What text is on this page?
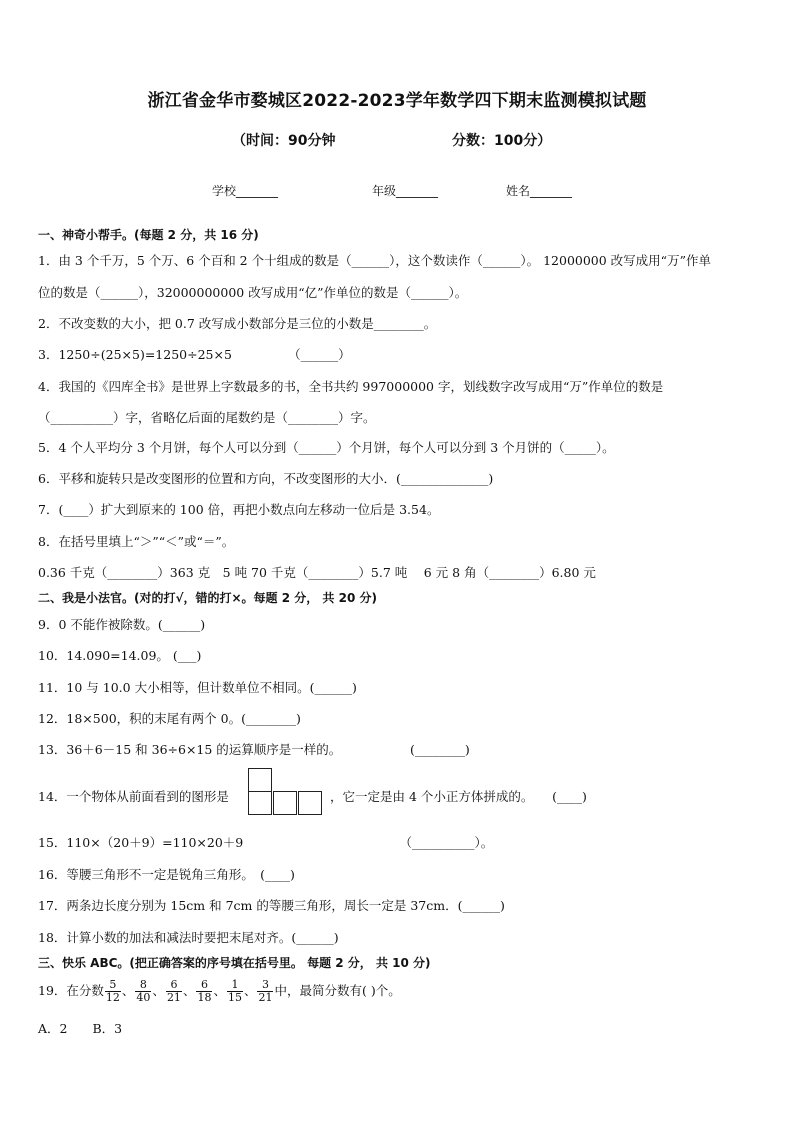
浙江省金华市婺城区2022-2023学年数学四下期末监测模拟试题
（时间：90分钟	分数：100分）
学校_______	年级_______	姓名_______
一、神奇小帮手。(每题 2 分，共 16 分)
1．由 3 个千万，5 个万、6 个百和 2 个十组成的数是（______），这个数读作（______）。 12000000 改写成用“万”作单
位的数是（______），32000000000 改写成用“亿”作单位的数是（______）。
2．不改变数的大小，把 0.7 改写成小数部分是三位的小数是________。
3．1250÷(25×5)=1250÷25×5　　　　　（______）
4．我国的《四库全书》是世界上字数最多的书，全书共约 997000000 字，划线数字改写成用“万”作单位的数是
（__________）字，省略亿后面的尾数约是（________）字。
5．4 个人平均分 3 个月饼，每个人可以分到（______）个月饼，每个人可以分到 3 个月饼的（_____）。
6．平移和旋转只是改变图形的位置和方向，不改变图形的大小．(______________)
7．(____）扩大到原来的 100 倍，再把小数点向左移动一位后是 3.54。
8．在括号里填上“＞”“＜”或“＝”。
0.36 千克（________）363 克　5 吨 70 千克（________）5.7 吨　 6 元 8 角（________）6.80 元
二、我是小法官。(对的打√，错的打×。每题 2 分， 共 20 分)
9．0 不能作被除数。(______)
10．14.090=14.09。 (___)
11．10 与 10.0 大小相等，但计数单位不相同。(______)
12．18×500，积的末尾有两个 0。(________)
13．36＋6－15 和 36÷6×15 的运算顺序是一样的。　　　　　　(________)
14．一个物体从前面看到的图形是	，它一定是由 4 个小正方体拼成的。　　(____)
15．110×（20＋9）=110×20＋9　　　　　　　　　　　　　（__________）。
16．等腰三角形不一定是锐角三角形。　(____)
17．两条边长度分别为 15cm 和 7cm 的等腰三角形，周长一定是 37cm．(______)
18．计算小数的加法和减法时要把末尾对齐。(______)
三、快乐 ABC。(把正确答案的序号填在括号里。 每题 2 分， 共 10 分)
19．在分数 $\frac{5}{12}$ 、 $\frac{8}{40}$ 、 $\frac{6}{21}$ 、 $\frac{6}{18}$ 、 $\frac{1}{15}$ 、 $\frac{3}{21}$ 中，最简分数有( )个。
A．2　　B．3
